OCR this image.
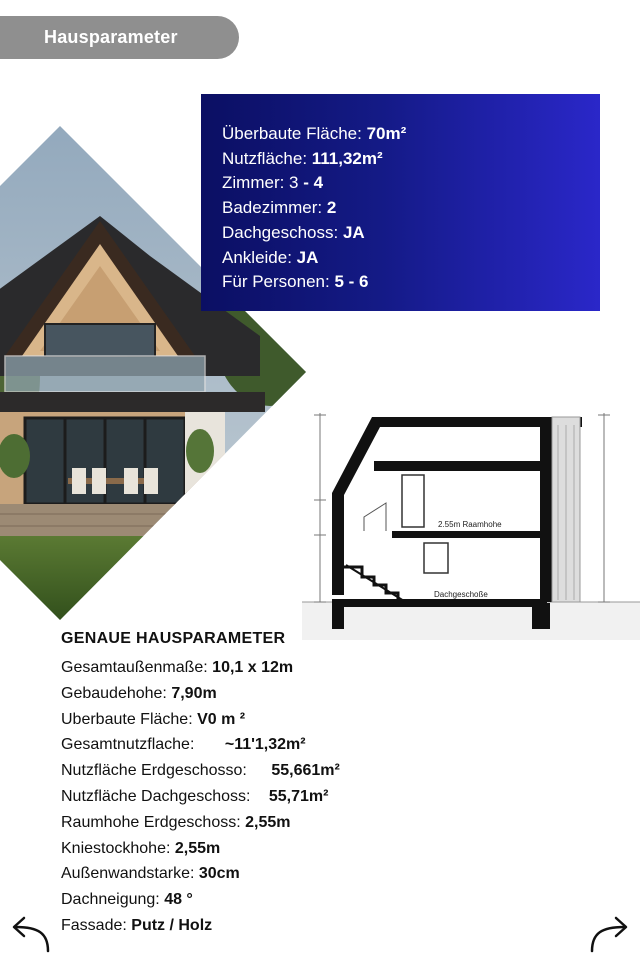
Hausparameter
Überbaute Fläche: 70m²
Nutzfläche: 111,32m²
Zimmer: 3 - 4
Badezimmer: 2
Dachgeschoss: JA
Ankleide: JA
Für Personen: 5 - 6
2.55m Raamhohe
Dachgeschoße
GENAUE HAUSPARAMETER
Gesamtaußenmaße: 10,1 x 12m
Gebaudehohe: 7,90m
Uberbaute Fläche: V0 m ²
Gesamtnutzflache: ~11'1,32m²
Nutzfläche Erdgeschosso: 55,661m²
Nutzfläche Dachgeschoss: 55,71m²
Raumhohe Erdgeschoss: 2,55m
Kniestockhohe: 2,55m
Außenwandstarke: 30cm
Dachneigung: 48 °
Fassade: Putz / Holz
